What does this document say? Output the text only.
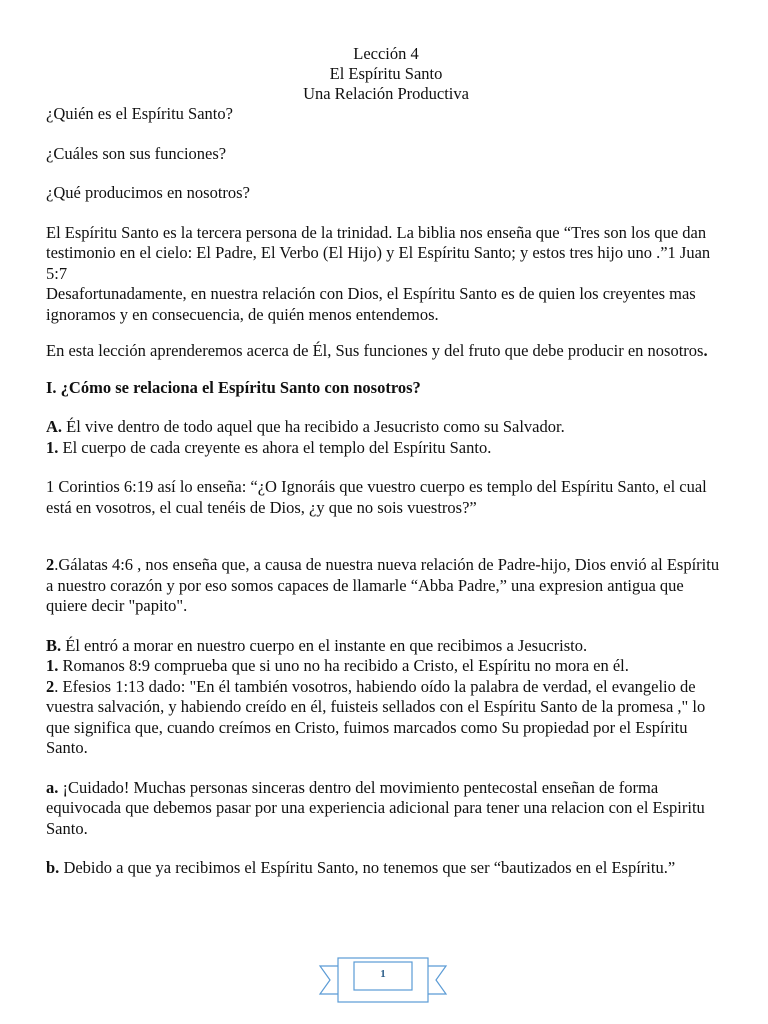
Lección 4
El Espíritu Santo
Una Relación Productiva

¿Quién es el Espíritu Santo?

¿Cuáles son sus funciones?

¿Qué producimos en nosotros?

El Espíritu Santo es la tercera persona de la trinidad. La biblia nos enseña que “Tres son los que dan testimonio en el cielo: El Padre, El Verbo (El Hijo) y El Espíritu Santo; y estos tres hijo uno .”1 Juan 5:7

Desafortunadamente, en nuestra relación con Dios, el Espíritu Santo es de quien los creyentes mas ignoramos y en consecuencia, de quién menos entendemos.

En esta lección aprenderemos acerca de Él, Sus funciones y del fruto que debe producir en nosotros.

I. ¿Cómo se relaciona el Espíritu Santo con nosotros?

A. Él vive dentro de todo aquel que ha recibido a Jesucristo como su Salvador.

1. El cuerpo de cada creyente es ahora el templo del Espíritu Santo.

1 Corintios 6:19 así lo enseña: “¿O Ignoráis que vuestro cuerpo es templo del Espíritu Santo, el cual está en vosotros, el cual tenéis de Dios, ¿y que no sois vuestros?”

2.Gálatas 4:6 , nos enseña que, a causa de nuestra nueva relación de Padre-hijo, Dios envió al Espíritu a nuestro corazón y por eso somos capaces de llamarle “Abba Padre,” una expresion antigua que quiere decir "papito".

B. Él entró a morar en nuestro cuerpo en el instante en que recibimos a Jesucristo.

1. Romanos 8:9 comprueba que si uno no ha recibido a Cristo, el Espíritu no mora en él.

2. Efesios 1:13 dado: "En él también vosotros, habiendo oído la palabra de verdad, el evangelio de vuestra salvación, y habiendo creído en él, fuisteis sellados con el Espíritu Santo de la promesa ," lo que significa que, cuando creímos en Cristo, fuimos marcados como Su propiedad por el Espíritu Santo.

a. ¡Cuidado! Muchas personas sinceras dentro del movimiento pentecostal enseñan de forma equivocada que debemos pasar por una experiencia adicional para tener una relacion con el Espiritu Santo.

b. Debido a que ya recibimos el Espíritu Santo, no tenemos que ser “bautizados en el Espíritu.”

1
